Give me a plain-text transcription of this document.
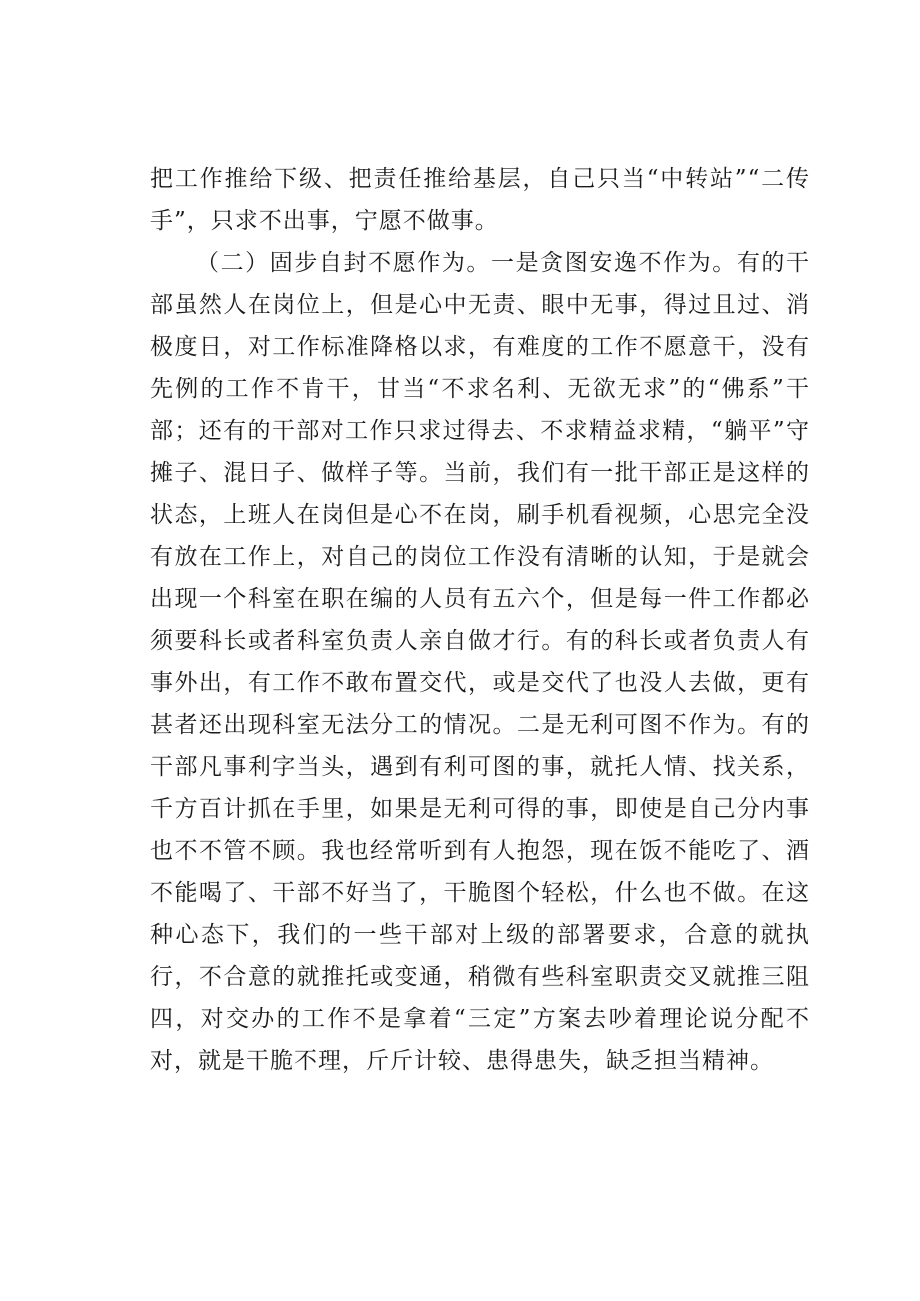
把工作推给下级、把责任推给基层，自己只当“中转站”“二传手”，只求不出事，宁愿不做事。
（二）固步自封不愿作为。一是贪图安逸不作为。有的干部虽然人在岗位上，但是心中无责、眼中无事，得过且过、消极度日，对工作标准降格以求，有难度的工作不愿意干，没有先例的工作不肯干，甘当“不求名利、无欲无求”的“佛系”干部；还有的干部对工作只求过得去、不求精益求精，“躺平”守摊子、混日子、做样子等。当前，我们有一批干部正是这样的状态，上班人在岗但是心不在岗，刷手机看视频，心思完全没有放在工作上，对自己的岗位工作没有清晰的认知，于是就会出现一个科室在职在编的人员有五六个，但是每一件工作都必须要科长或者科室负责人亲自做才行。有的科长或者负责人有事外出，有工作不敢布置交代，或是交代了也没人去做，更有甚者还出现科室无法分工的情况。二是无利可图不作为。有的干部凡事利字当头，遇到有利可图的事，就托人情、找关系，千方百计抓在手里，如果是无利可得的事，即使是自己分内事也不不管不顾。我也经常听到有人抱怨，现在饭不能吃了、酒不能喝了、干部不好当了，干脆图个轻松，什么也不做。在这种心态下，我们的一些干部对上级的部署要求，合意的就执行，不合意的就推托或变通，稍微有些科室职责交叉就推三阻四，对交办的工作不是拿着“三定”方案去吵着理论说分配不对，就是干脆不理，斤斤计较、患得患失，缺乏担当精神。
